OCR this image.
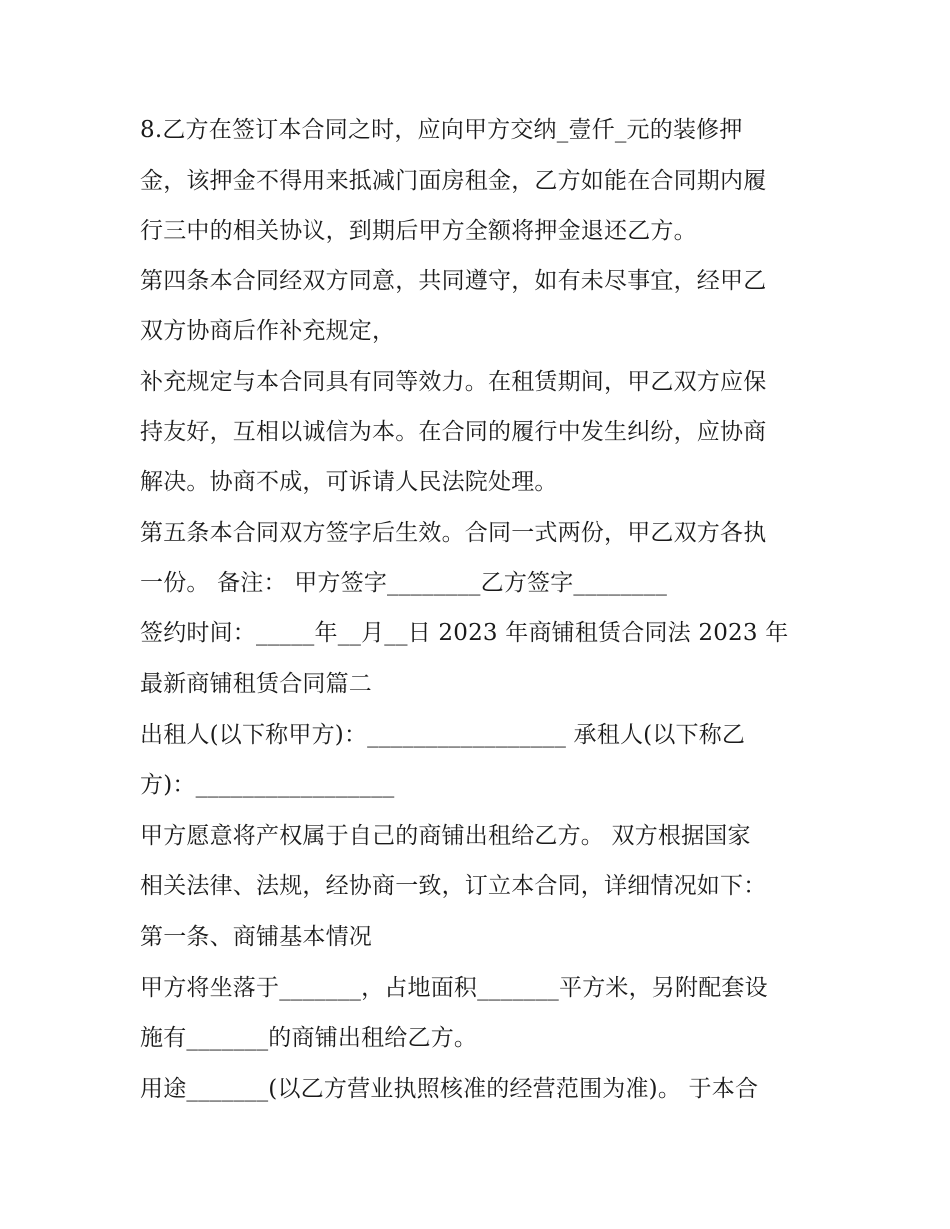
8.乙方在签订本合同之时，应向甲方交纳_壹仟_元的装修押
金，该押金不得用来抵减门面房租金，乙方如能在合同期内履
行三中的相关协议，到期后甲方全额将押金退还乙方。
第四条本合同经双方同意，共同遵守，如有未尽事宜，经甲乙
双方协商后作补充规定，
补充规定与本合同具有同等效力。在租赁期间，甲乙双方应保
持友好，互相以诚信为本。在合同的履行中发生纠纷，应协商
解决。协商不成，可诉请人民法院处理。
第五条本合同双方签字后生效。合同一式两份，甲乙双方各执
一份。 备注： 甲方签字________乙方签字________
签约时间：_____年__月__日 2023 年商铺租赁合同法 2023 年
最新商铺租赁合同篇二
出租人(以下称甲方)：_________________ 承租人(以下称乙
方)：_________________
甲方愿意将产权属于自己的商铺出租给乙方。 双方根据国家
相关法律、法规，经协商一致，订立本合同，详细情况如下：
第一条、商铺基本情况
甲方将坐落于_______，占地面积_______平方米，另附配套设
施有_______的商铺出租给乙方。
用途_______(以乙方营业执照核准的经营范围为准)。 于本合
